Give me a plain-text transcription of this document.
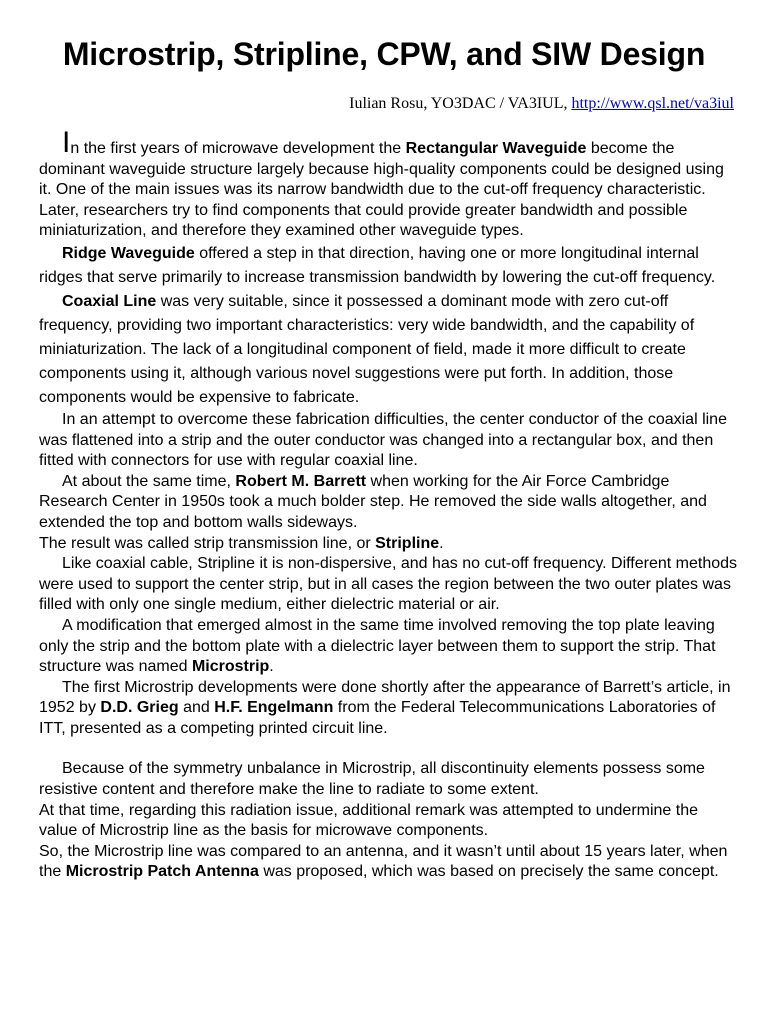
Microstrip, Stripline, CPW, and SIW Design
Iulian Rosu, YO3DAC / VA3IUL, http://www.qsl.net/va3iul

In the first years of microwave development the Rectangular Waveguide become the dominant waveguide structure largely because high-quality components could be designed using it. One of the main issues was its narrow bandwidth due to the cut-off frequency characteristic.

Later, researchers try to find components that could provide greater bandwidth and possible miniaturization, and therefore they examined other waveguide types.

Ridge Waveguide offered a step in that direction, having one or more longitudinal internal ridges that serve primarily to increase transmission bandwidth by lowering the cut-off frequency.

Coaxial Line was very suitable, since it possessed a dominant mode with zero cut-off frequency, providing two important characteristics: very wide bandwidth, and the capability of miniaturization. The lack of a longitudinal component of field, made it more difficult to create components using it, although various novel suggestions were put forth. In addition, those components would be expensive to fabricate.

In an attempt to overcome these fabrication difficulties, the center conductor of the coaxial line was flattened into a strip and the outer conductor was changed into a rectangular box, and then fitted with connectors for use with regular coaxial line.

At about the same time, Robert M. Barrett when working for the Air Force Cambridge Research Center in 1950s took a much bolder step. He removed the side walls altogether, and extended the top and bottom walls sideways.

The result was called strip transmission line, or Stripline.

Like coaxial cable, Stripline it is non-dispersive, and has no cut-off frequency. Different methods were used to support the center strip, but in all cases the region between the two outer plates was filled with only one single medium, either dielectric material or air.

A modification that emerged almost in the same time involved removing the top plate leaving only the strip and the bottom plate with a dielectric layer between them to support the strip. That structure was named Microstrip.

The first Microstrip developments were done shortly after the appearance of Barrett’s article, in 1952 by D.D. Grieg and H.F. Engelmann from the Federal Telecommunications Laboratories of ITT, presented as a competing printed circuit line.

Because of the symmetry unbalance in Microstrip, all discontinuity elements possess some resistive content and therefore make the line to radiate to some extent.

At that time, regarding this radiation issue, additional remark was attempted to undermine the value of Microstrip line as the basis for microwave components.

So, the Microstrip line was compared to an antenna, and it wasn’t until about 15 years later, when the Microstrip Patch Antenna was proposed, which was based on precisely the same concept.
